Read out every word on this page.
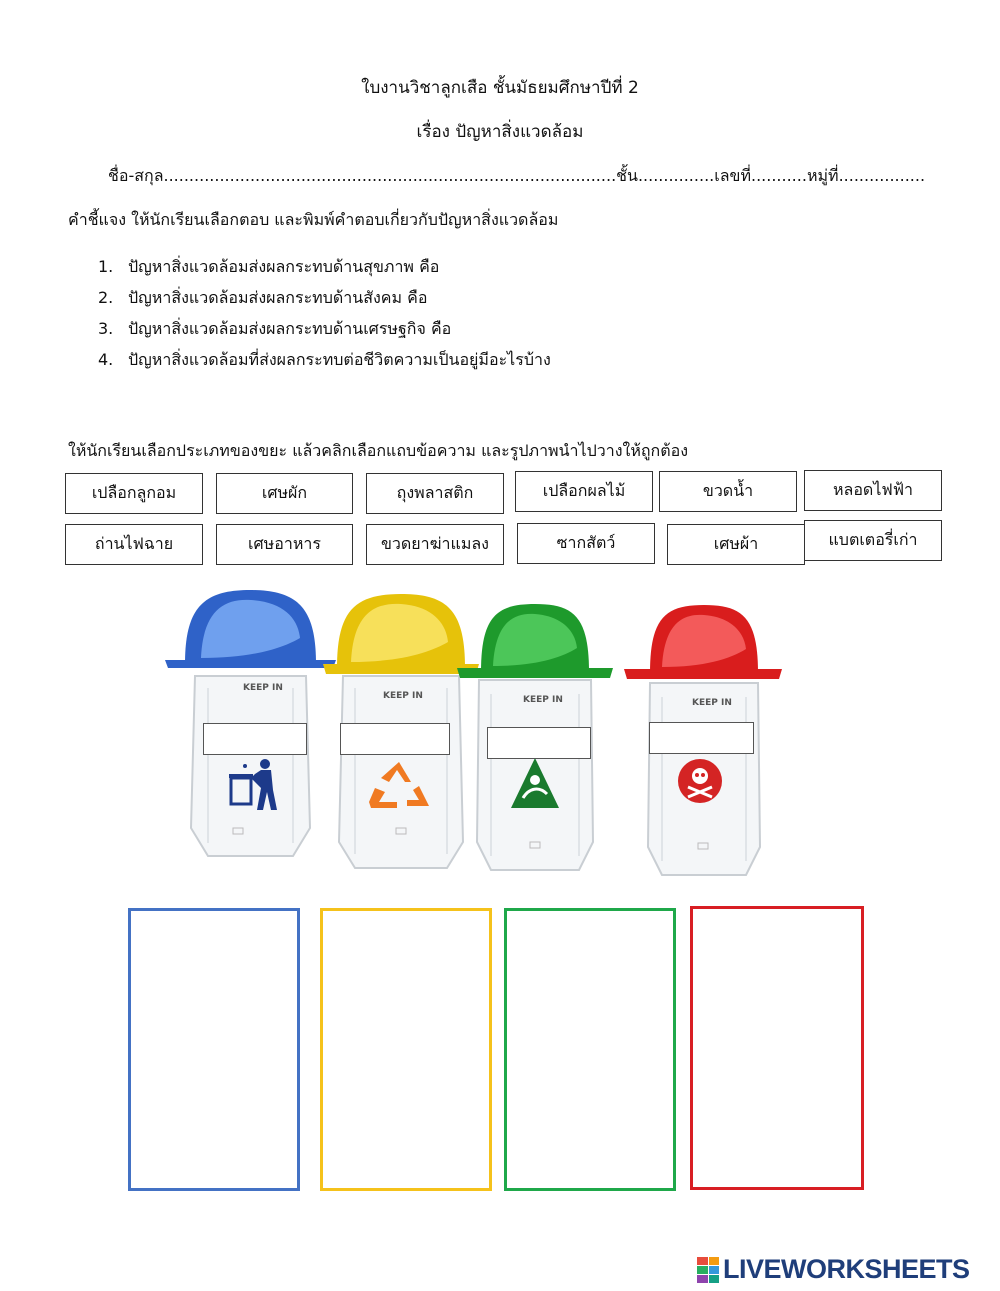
ใบงานวิชาลูกเสือ ชั้นมัธยมศึกษาปีที่ 2
เรื่อง ปัญหาสิ่งแวดล้อม
ชื่อ-สกุล.........................................................................................ชั้น...............เลขที่...........หมู่ที่.................
คำชี้แจง ให้นักเรียนเลือกตอบ และพิมพ์คำตอบเกี่ยวกับปัญหาสิ่งแวดล้อม
1. ปัญหาสิ่งแวดล้อมส่งผลกระทบด้านสุขภาพ คือ
2. ปัญหาสิ่งแวดล้อมส่งผลกระทบด้านสังคม คือ
3. ปัญหาสิ่งแวดล้อมส่งผลกระทบด้านเศรษฐกิจ คือ
4. ปัญหาสิ่งแวดล้อมที่ส่งผลกระทบต่อชีวิตความเป็นอยู่มีอะไรบ้าง
ให้นักเรียนเลือกประเภทของขยะ แล้วคลิกเลือกแถบข้อความ และรูปภาพนำไปวางให้ถูกต้อง
เปลือกลูกอม	เศษผัก	ถุงพลาสติก	เปลือกผลไม้	ขวดน้ำ	หลอดไฟฟ้า
ถ่านไฟฉาย	เศษอาหาร	ขวดยาฆ่าแมลง	ซากสัตว์	เศษผ้า	แบตเตอรี่เก่า
KEEP IN
KEEP IN	KEEP IN	KEEP IN
LIVEWORKSHEETS
